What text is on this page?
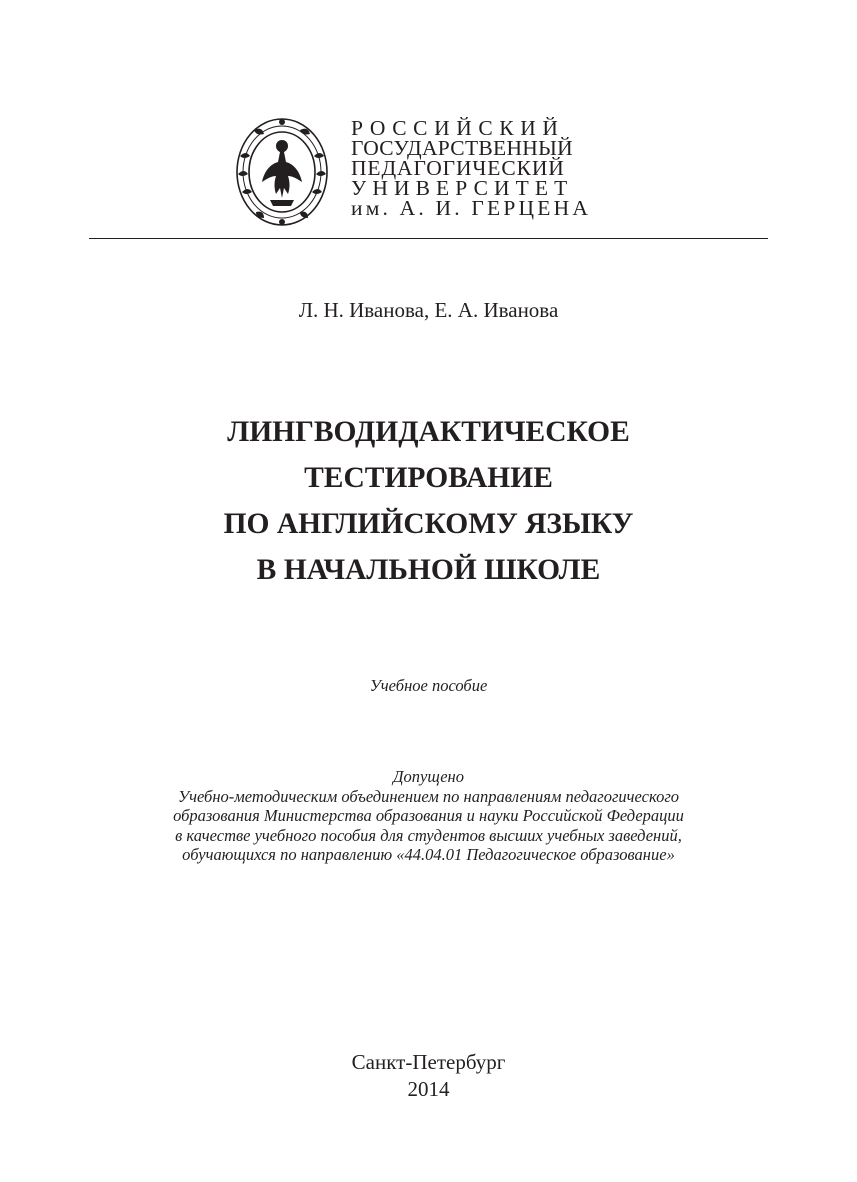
РОССИЙСКИЙ
ГОСУДАРСТВЕННЫЙ
ПЕДАГОГИЧЕСКИЙ
УНИВЕРСИТЕТ
им. А. И. ГЕРЦЕНА
Л. Н. Иванова, Е. А. Иванова
ЛИНГВОДИДАКТИЧЕСКОЕ
ТЕСТИРОВАНИЕ
ПО АНГЛИЙСКОМУ ЯЗЫКУ
В НАЧАЛЬНОЙ ШКОЛЕ
Учебное пособие
Допущено
Учебно-методическим объединением по направлениям педагогического
образования Министерства образования и науки Российской Федерации
в качестве учебного пособия для студентов высших учебных заведений,
обучающихся по направлению «44.04.01 Педагогическое образование»
Санкт-Петербург
2014
